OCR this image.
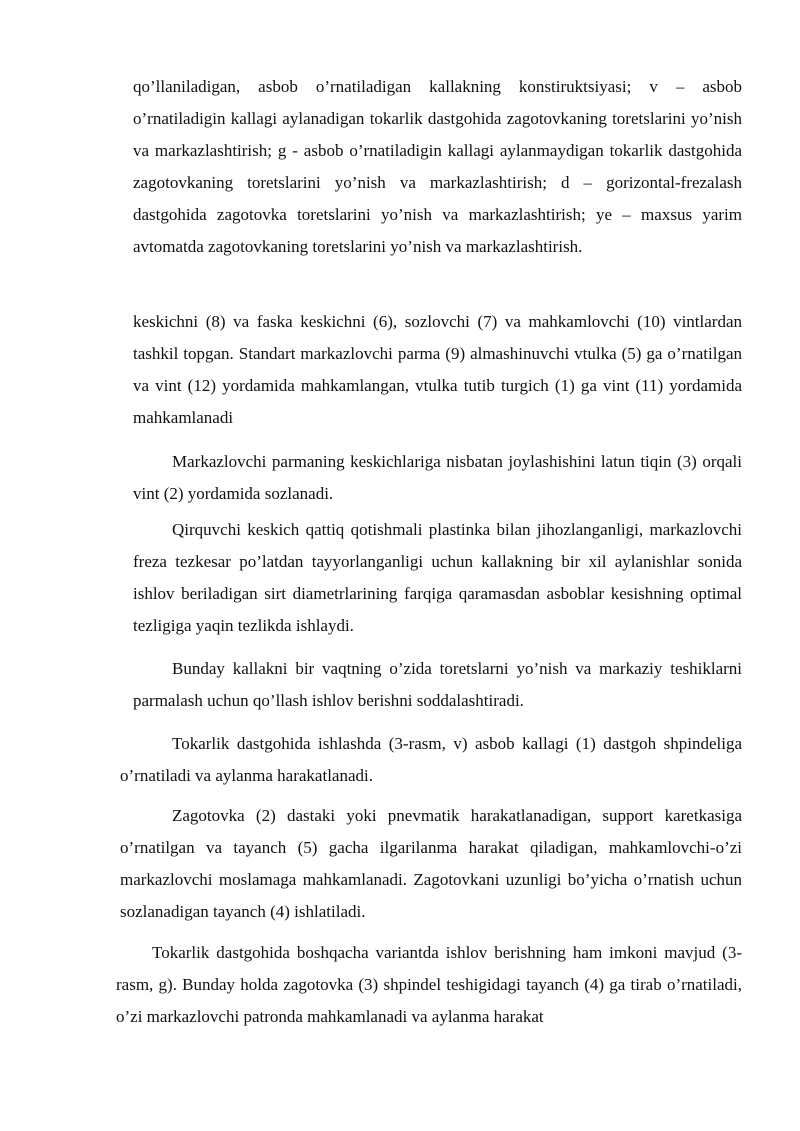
qo’llaniladigan, asbob o’rnatiladigan kallakning konstiruktsiyasi; v – asbob o’rnatiladigin kallagi aylanadigan tokarlik dastgohida zagotovkaning toretslarini yo’nish va markazlashtirish; g - asbob o’rnatiladigin kallagi aylanmaydigan tokarlik dastgohida zagotovkaning toretslarini yo’nish va markazlashtirish; d – gorizontal-frezalash dastgohida zagotovka toretslarini yo’nish va markazlashtirish; ye – maxsus yarim avtomatda zagotovkaning toretslarini yo’nish va markazlashtirish.

keskichni (8) va faska keskichni (6), sozlovchi (7) va mahkamlovchi (10) vintlardan tashkil topgan. Standart markazlovchi parma (9) almashinuvchi vtulka (5) ga o’rnatilgan va vint (12) yordamida mahkamlangan, vtulka tutib turgich (1) ga vint (11) yordamida mahkamlanadi

Markazlovchi parmaning keskichlariga nisbatan joylashishini latun tiqin (3) orqali vint (2) yordamida sozlanadi.

Qirquvchi keskich qattiq qotishmali plastinka bilan jihozlanganligi, markazlovchi freza tezkesar po’latdan tayyorlanganligi uchun kallakning bir xil aylanishlar sonida ishlov beriladigan sirt diametrlarining farqiga qaramasdan asboblar kesishning optimal tezligiga yaqin tezlikda ishlaydi.

Bunday kallakni bir vaqtning o’zida toretslarni yo’nish va markaziy teshiklarni parmalash uchun qo’llash ishlov berishni soddalashtiradi.

Tokarlik dastgohida ishlashda (3-rasm, v) asbob kallagi (1) dastgoh shpindeliga o’rnatiladi va aylanma harakatlanadi.

Zagotovka (2) dastaki yoki pnevmatik harakatlanadigan, support karetkasiga o’rnatilgan va tayanch (5) gacha ilgarilanma harakat qiladigan, mahkamlovchi-o’zi markazlovchi moslamaga mahkamlanadi. Zagotovkani uzunligi bo’yicha o’rnatish uchun sozlanadigan tayanch (4) ishlatiladi.

Tokarlik dastgohida boshqacha variantda ishlov berishning ham imkoni mavjud (3-rasm, g). Bunday holda zagotovka (3) shpindel teshigidagi tayanch (4) ga tirab o’rnatiladi, o’zi markazlovchi patronda mahkamlanadi va aylanma harakat
